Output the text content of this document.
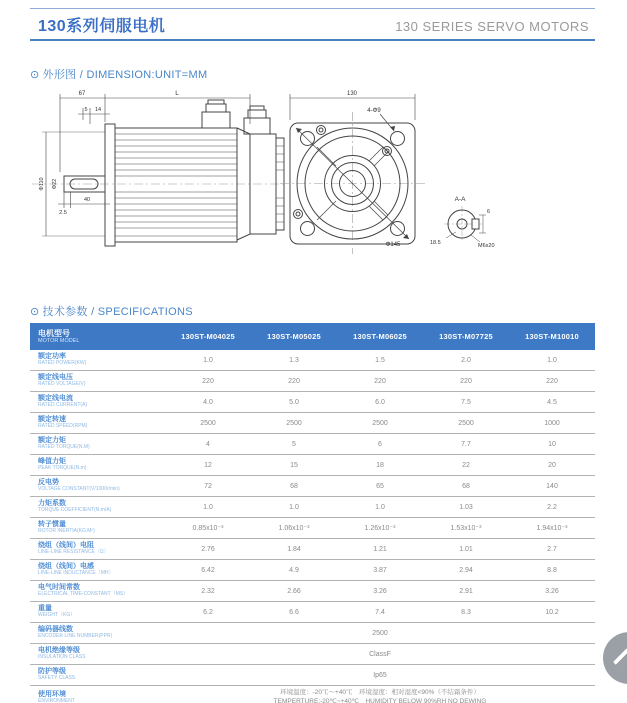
130系列伺服电机	130 SERIES SERVO MOTORS
⊙ 外形图 / DIMENSION:UNIT=MM
67	L
5 14
Φ110 Φ22
2.5
40
130
4-Φ9
Φ145
A-A
6
18.5	M6x20
⊙ 技术参数 / SPECIFICATIONS
电机型号
MOTOR MODEL	130ST-M04025	130ST-M05025	130ST-M06025	130ST-M07725	130ST-M10010
额定功率
RATED POWER(KW)	1.0	1.3	1.5	2.0	1.0
额定线电压
RATED VOLTAGE(V)	220	220	220	220	220
额定线电流
RATED CURRENT(A)	4.0	5.0	6.0	7.5	4.5
额定转速
RATED SPEED(RPM)	2500	2500	2500	2500	1000
额定力矩
RATED TORQUE(N.M)	4	5	6	7.7	10
峰值力矩
PEAK TORQUE(N.m)	12	15	18	22	20
反电势
VOLTAGE CONSTANT(V/1000r/min)	72	68	65	68	140
力矩系数
TORQUE COEFFICIENT(N.m/A)	1.0	1.0	1.0	1.03	2.2
转子惯量
ROTOR INERTIA(KG.M²)	0.85x10⁻³	1.06x10⁻³	1.26x10⁻³	1.53x10⁻³	1.94x10⁻³
绕组（线间）电阻
LINE-LINE RESISTANCE（Ω）	2.76	1.84	1.21	1.01	2.7
绕组（线间）电感
LINE-LINE INDUCTANCE（MH）	6.42	4.9	3.87	2.94	8.8
电气时间常数
ELECTRICAL TIME-CONSTANT（MS）	2.32	2.66	3.26	2.91	3.26
重量
WEIGHT（KG）	6.2	6.6	7.4	8.3	10.2
编码器线数
ENCODER LINE NUMBER(PPR)	2500
电机绝缘等级
INSULATION CLASS	ClassF
防护等级
SAFETY CLASS	Ip65
使用环境
ENVIRONMENT
环境温度：-20℃～+40℃　环境湿度：相对湿度<90%（不结霜条件）
TEMPERTURE:-20℃~+40℃　HUMIDITY BELOW 90%RH NO DEWING
